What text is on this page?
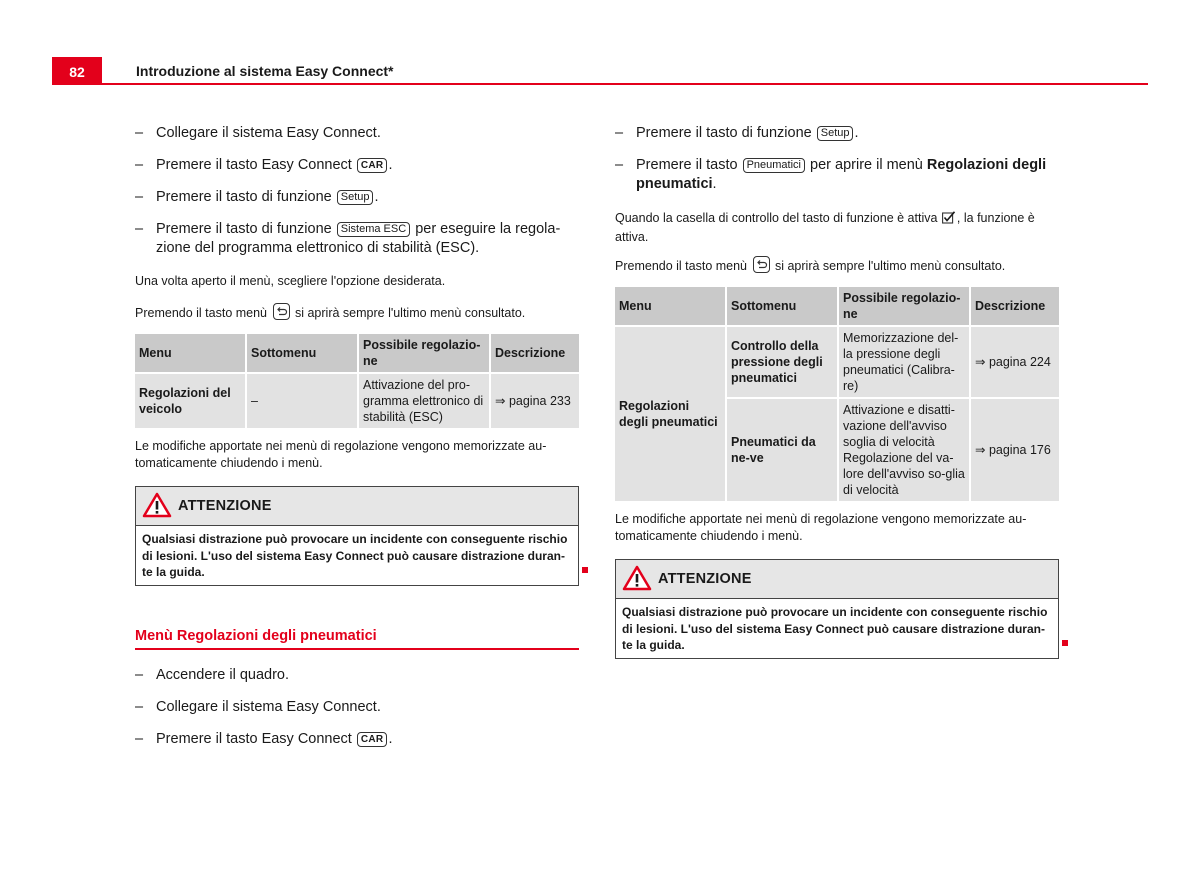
82	Introduzione al sistema Easy Connect*
– Collegare il sistema Easy Connect.
– Premere il tasto Easy Connect CAR .
– Premere il tasto di funzione Setup .
– Premere il tasto di funzione Sistema ESC per eseguire la regola-zione del programma elettronico di stabilità (ESC).
Una volta aperto il menù, scegliere l'opzione desiderata.
Premendo il tasto menù si aprirà sempre l'ultimo menù consultato.
Menu	Sottomenu	Possibile regolazio-ne	Descrizione
Regolazioni del veicolo	–	Attivazione del pro-gramma elettronico di stabilità (ESC)	⇒ pagina 233
Le modifiche apportate nei menù di regolazione vengono memorizzate au-tomaticamente chiudendo i menù.
ATTENZIONE
Qualsiasi distrazione può provocare un incidente con conseguente rischio di lesioni. L'uso del sistema Easy Connect può causare distrazione duran-te la guida.
Menù Regolazioni degli pneumatici
– Accendere il quadro.
– Collegare il sistema Easy Connect.
– Premere il tasto Easy Connect CAR .
– Premere il tasto di funzione Setup .
– Premere il tasto Pneumatici per aprire il menù Regolazioni degli pneumatici.
Quando la casella di controllo del tasto di funzione è attiva , la funzione è attiva.
Premendo il tasto menù si aprirà sempre l'ultimo menù consultato.
Menu	Sottomenu	Possibile regolazio-ne	Descrizione
Regolazioni degli pneumatici	Controllo della pressione degli pneumatici	Memorizzazione del-la pressione degli pneumatici (Calibra-re)	⇒ pagina 224
	Pneumatici da ne-ve	Attivazione e disatti-vazione dell'avviso soglia di velocità Regolazione del va-lore dell'avviso so-glia di velocità	⇒ pagina 176
Le modifiche apportate nei menù di regolazione vengono memorizzate au-tomaticamente chiudendo i menù.
ATTENZIONE
Qualsiasi distrazione può provocare un incidente con conseguente rischio di lesioni. L'uso del sistema Easy Connect può causare distrazione duran-te la guida.
